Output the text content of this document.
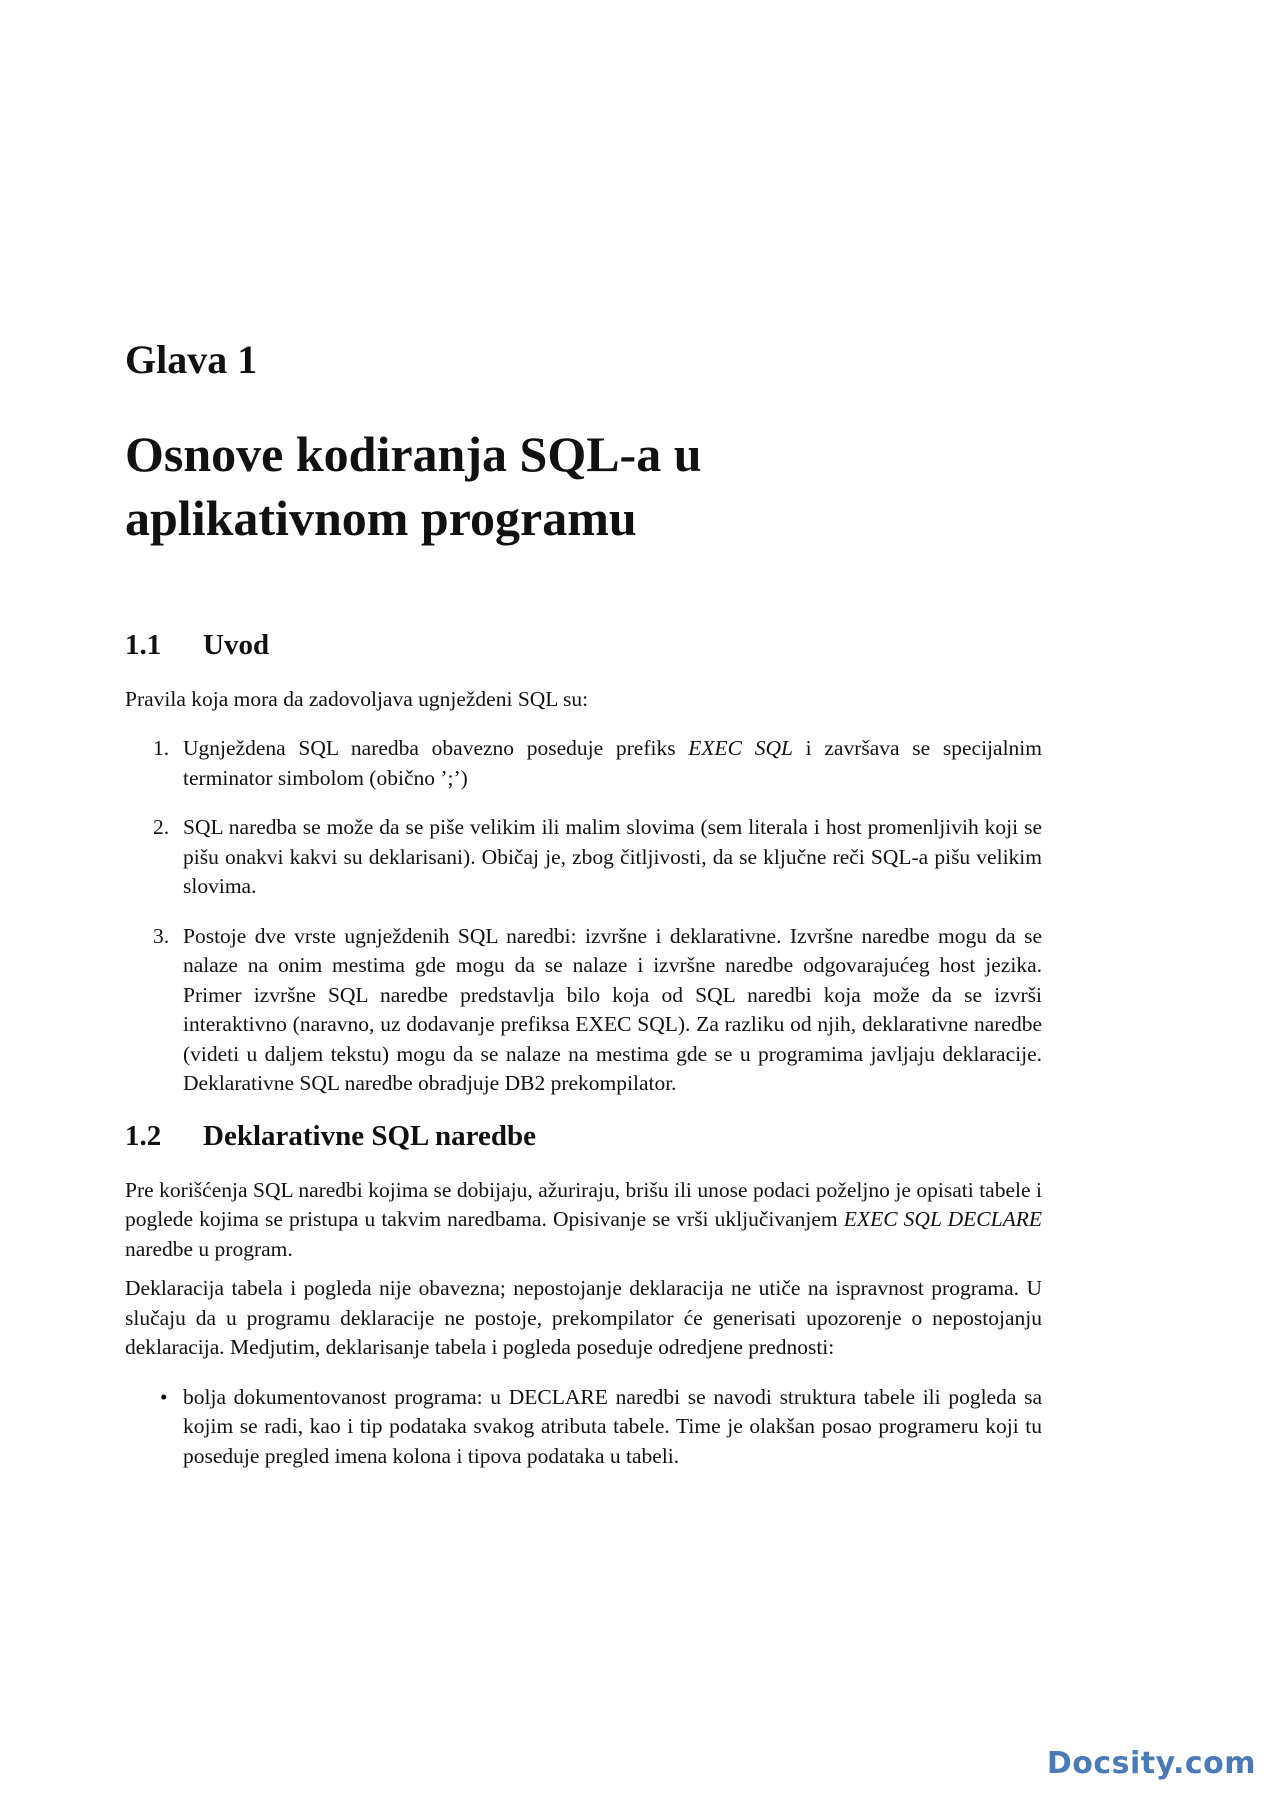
Glava 1
Osnove kodiranja SQL-a u
aplikativnom programu
1.1 Uvod

Pravila koja mora da zadovoljava ugnježdeni SQL su:

1. Ugnježdena SQL naredba obavezno poseduje prefiks EXEC SQL i završava se specijalnim terminator simbolom (obično ’;’)
2. SQL naredba se može da se piše velikim ili malim slovima (sem literala i host promenljivih koji se pišu onakvi kakvi su deklarisani). Običaj je, zbog čitljivosti, da se ključne reči SQL-a pišu velikim slovima.
3. Postoje dve vrste ugnježdenih SQL naredbi: izvršne i deklarativne. Izvršne naredbe mogu da se nalaze na onim mestima gde mogu da se nalaze i izvršne naredbe odgovarajućeg host jezika. Primer izvršne SQL naredbe predstavlja bilo koja od SQL naredbi koja može da se izvrši interaktivno (naravno, uz dodavanje prefiksa EXEC SQL). Za razliku od njih, deklarativne naredbe (videti u daljem tekstu) mogu da se nalaze na mestima gde se u programima javljaju deklaracije. Deklarativne SQL naredbe obradjuje DB2 prekompilator.
1.2 Deklarativne SQL naredbe

Pre korišćenja SQL naredbi kojima se dobijaju, ažuriraju, brišu ili unose podaci poželjno je opisati tabele i poglede kojima se pristupa u takvim naredbama. Opisivanje se vrši uključivanjem EXEC SQL DECLARE naredbe u program.

Deklaracija tabela i pogleda nije obavezna; nepostojanje deklaracija ne utiče na ispravnost programa. U slučaju da u programu deklaracije ne postoje, prekompilator će generisati upozorenje o nepostojanju deklaracija. Medjutim, deklarisanje tabela i pogleda poseduje odredjene prednosti:

• bolja dokumentovanost programa: u DECLARE naredbi se navodi struktura tabele ili pogleda sa kojim se radi, kao i tip podataka svakog atributa tabele. Time je olakšan posao programeru koji tu poseduje pregled imena kolona i tipova podataka u tabeli.
Docsity.com
